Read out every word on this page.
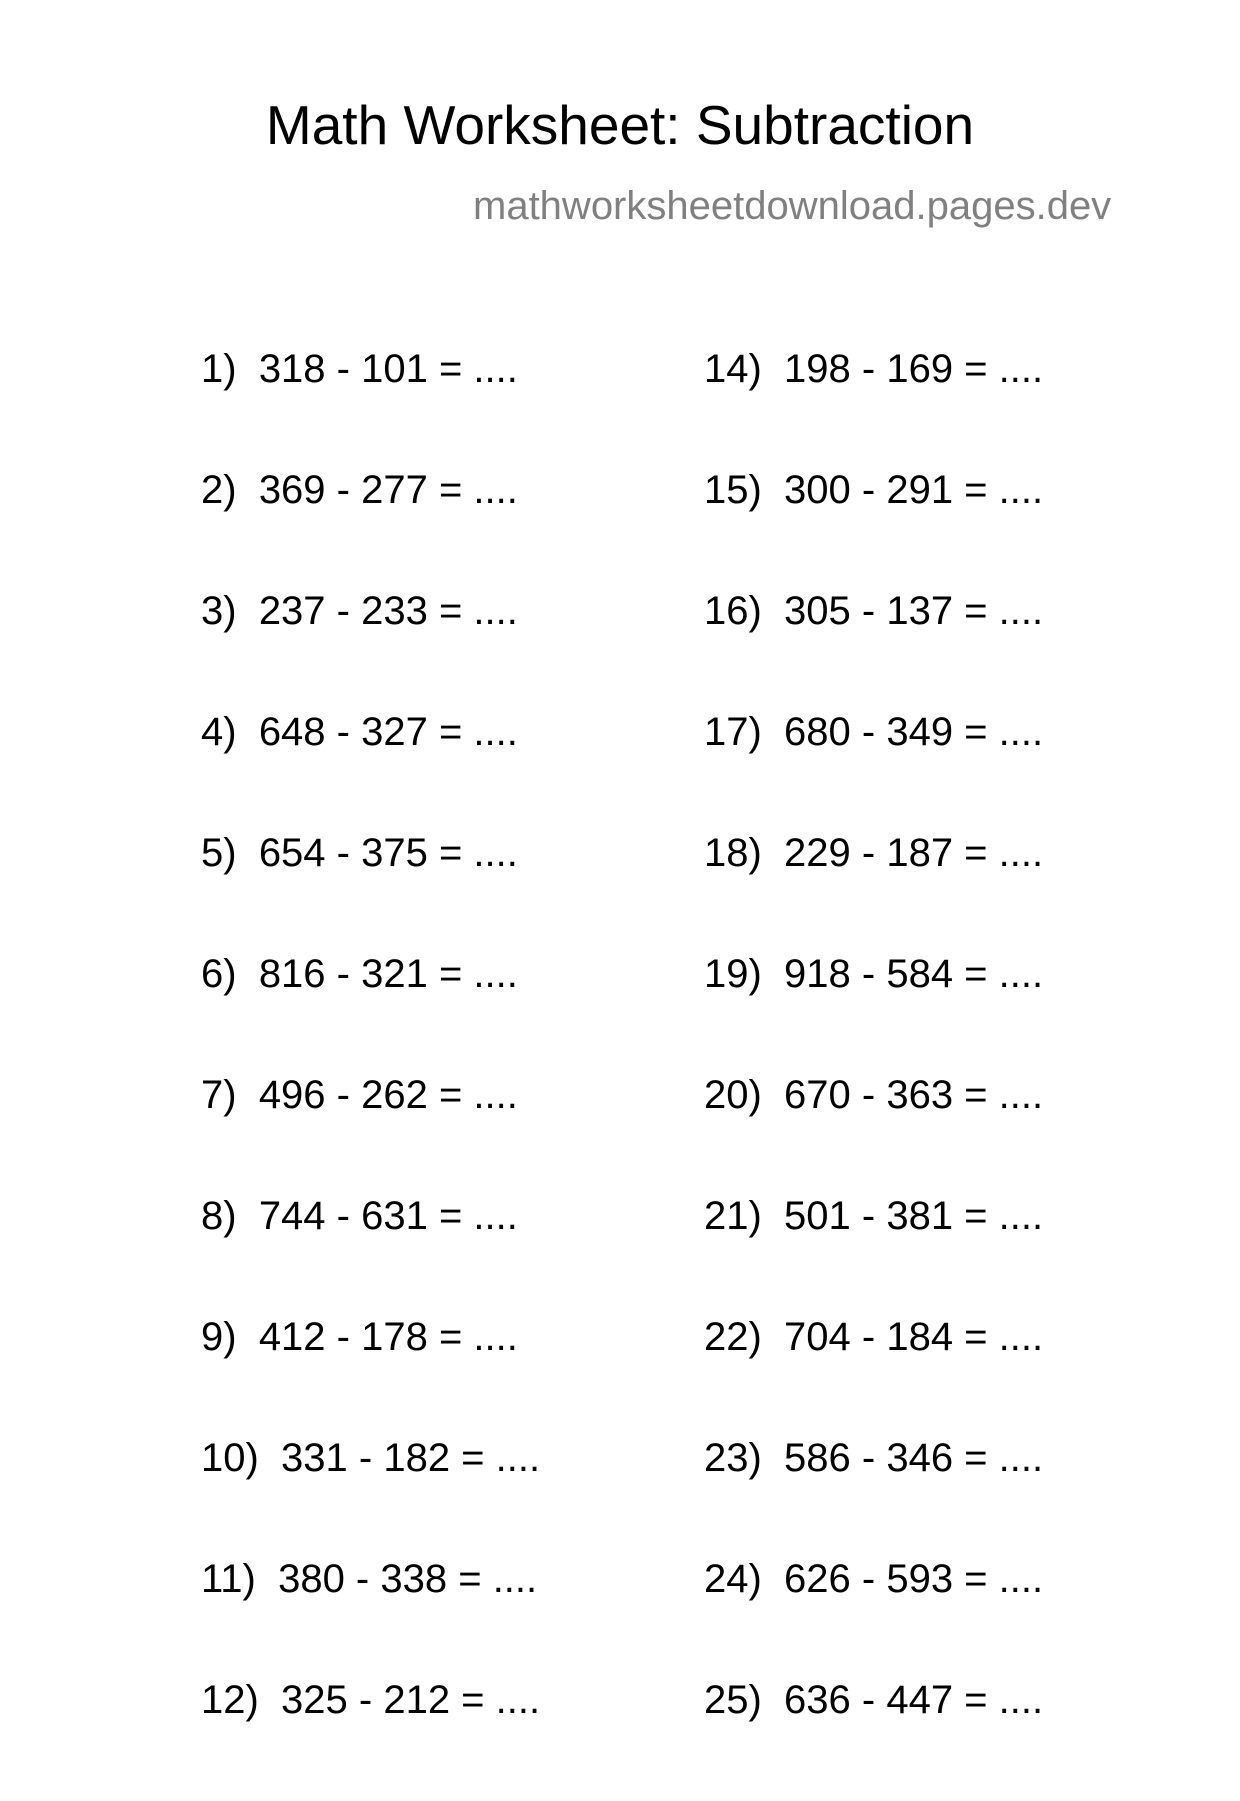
Math Worksheet: Subtraction
mathworksheetdownload.pages.dev
1) 318 - 101 = ....
2) 369 - 277 = ....
3) 237 - 233 = ....
4) 648 - 327 = ....
5) 654 - 375 = ....
6) 816 - 321 = ....
7) 496 - 262 = ....
8) 744 - 631 = ....
9) 412 - 178 = ....
10) 331 - 182 = ....
11) 380 - 338 = ....
12) 325 - 212 = ....
14) 198 - 169 = ....
15) 300 - 291 = ....
16) 305 - 137 = ....
17) 680 - 349 = ....
18) 229 - 187 = ....
19) 918 - 584 = ....
20) 670 - 363 = ....
21) 501 - 381 = ....
22) 704 - 184 = ....
23) 586 - 346 = ....
24) 626 - 593 = ....
25) 636 - 447 = ....
